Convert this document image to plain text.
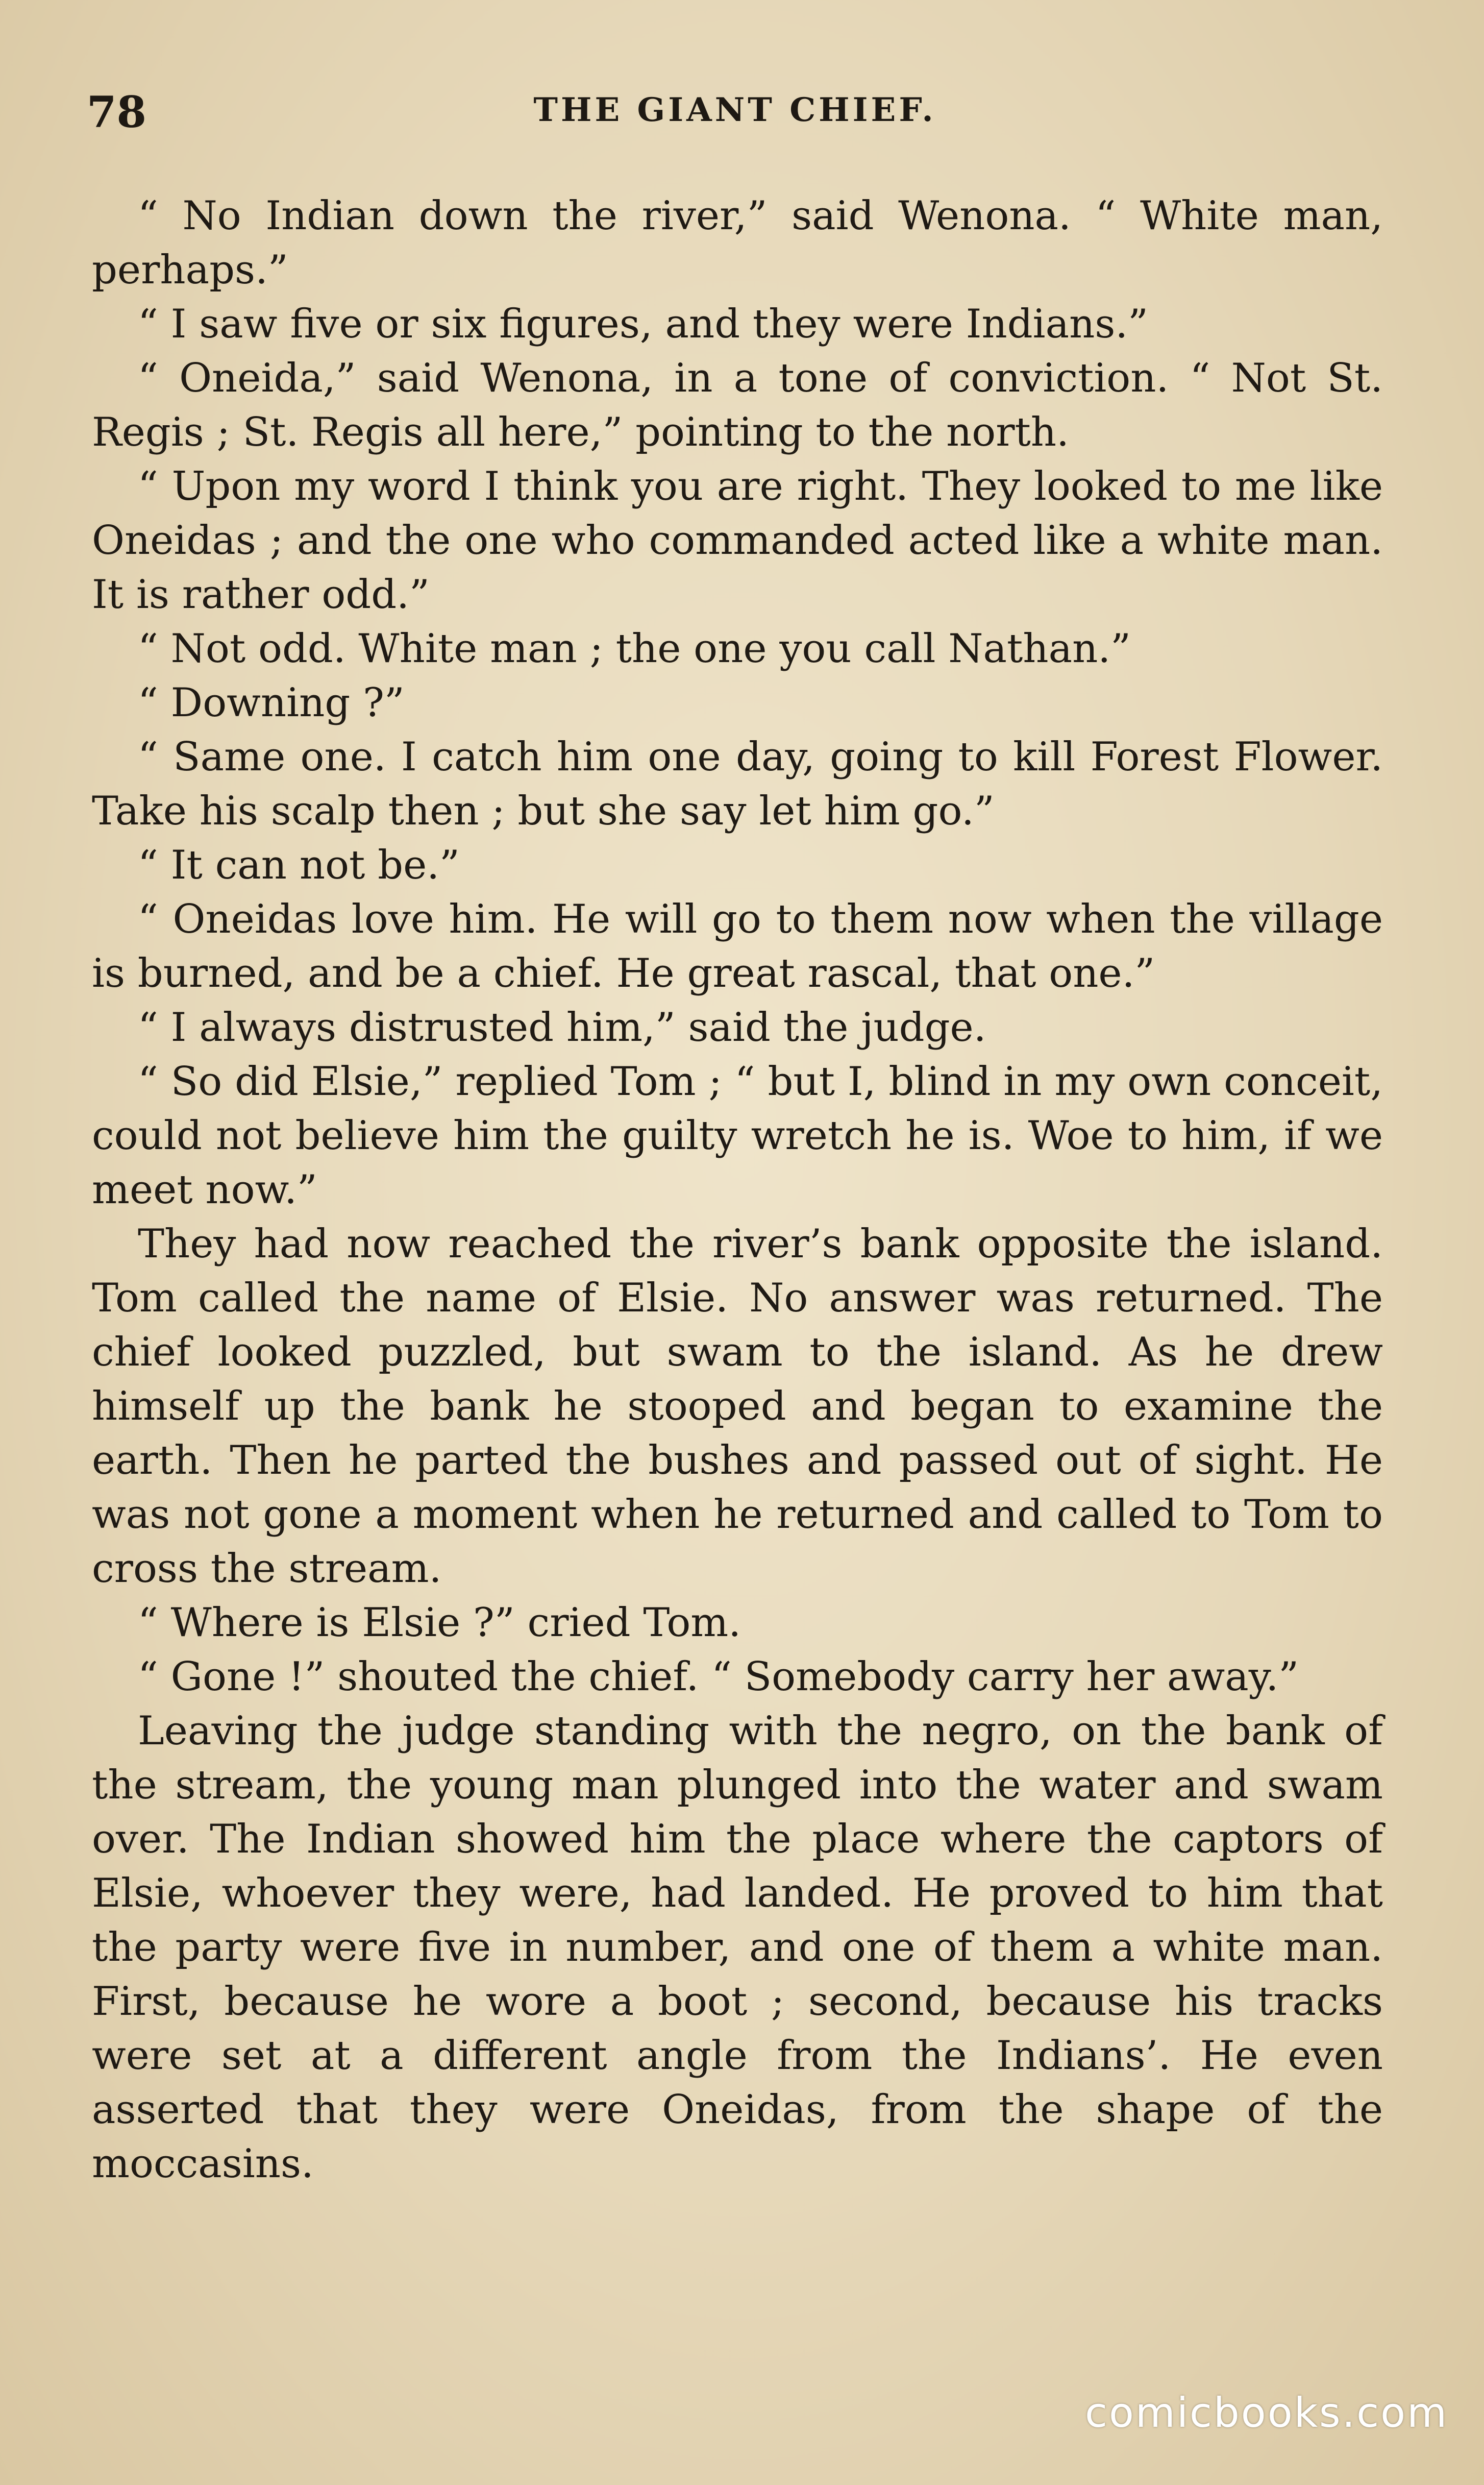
78	THE GIANT CHIEF.

“ No Indian down the river,” said Wenona. “ White man, perhaps.”

“ I saw five or six figures, and they were Indians.”

“ Oneida,” said Wenona, in a tone of conviction. “ Not St. Regis ; St. Regis all here,” pointing to the north.

“ Upon my word I think you are right. They looked to me like Oneidas ; and the one who commanded acted like a white man. It is rather odd.”

“ Not odd. White man ; the one you call Nathan.”

“ Downing ?”

“ Same one. I catch him one day, going to kill Forest Flower. Take his scalp then ; but she say let him go.”

“ It can not be.”

“ Oneidas love him. He will go to them now when the village is burned, and be a chief. He great rascal, that one.”

“ I always distrusted him,” said the judge.

“ So did Elsie,” replied Tom ; “ but I, blind in my own conceit, could not believe him the guilty wretch he is. Woe to him, if we meet now.”

They had now reached the river’s bank opposite the island. Tom called the name of Elsie. No answer was returned. The chief looked puzzled, but swam to the island. As he drew himself up the bank he stooped and began to examine the earth. Then he parted the bushes and passed out of sight. He was not gone a moment when he returned and called to Tom to cross the stream.

“ Where is Elsie ?” cried Tom.

“ Gone !” shouted the chief. “ Somebody carry her away.”

Leaving the judge standing with the negro, on the bank of the stream, the young man plunged into the water and swam over. The Indian showed him the place where the captors of Elsie, whoever they were, had landed. He proved to him that the party were five in number, and one of them a white man. First, because he wore a boot ; second, because his tracks were set at a different angle from the Indians’. He even asserted that they were Oneidas, from the shape of the moccasins.

comicbooks.com
